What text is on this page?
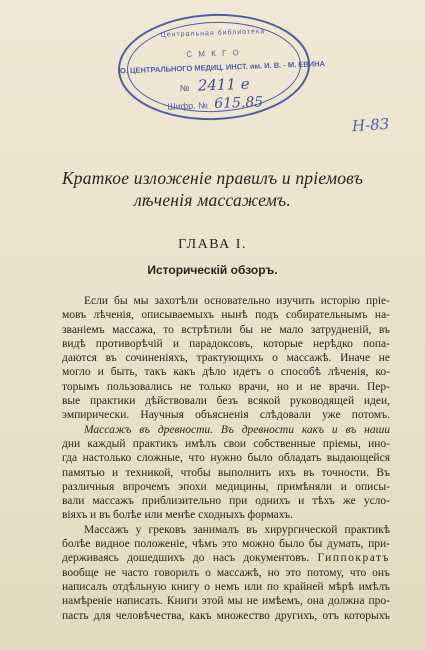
Центральная библиотека
С М К Г О
О. ЦЕНТРАЛЬНОГО МЕДИЦ. ИНСТ. им. И. В. - М. ЕВИНА
№ 2411 е
Шифр. № 615.85
Н-83
Краткое изложенiе правилъ и прiемовъ
лѣченiя массажемъ.
ГЛАВА I.
Историческiй обзоръ.

Если бы мы захотѣли основательно изучить исторiю прiе-
мовъ лѣченiя, описываемыхъ нынѣ подъ собирательнымъ на-
званiемъ массажа, то встрѣтили бы не мало затрудненiй, въ
видѣ противорѣчiй и парадоксовъ, которые нерѣдко попа-
даются въ сочиненiяхъ, трактующихъ о массажѣ. Иначе не
могло и быть, такъ какъ дѣло идетъ о способѣ лѣченiя, ко-
торымъ пользовались не только врачи, но и не врачи. Пер-
вые практики дѣйствовали безъ всякой руководящей идеи,
эмпирически. Научныя объясненiя слѣдовали уже потомъ.

Массажъ въ древности. Въ древности какъ и въ наши
дни каждый практикъ имѣлъ свои собственные прiемы, ино-
гда настолько сложные, что нужно было обладать выдающейся
памятью и техникой, чтобы выполнить ихъ въ точности. Въ
различныя впрочемъ эпохи медицины, примѣняли и описы-
вали массажъ приблизительно при однихъ и тѣхъ же усло-
вiяхъ и въ болѣе или менѣе сходныхъ формахъ.

Массажъ у грековъ занималъ въ хирургической практикѣ
болѣе видное положенiе, чѣмъ это можно было бы думать, при-
держиваясь дошедшихъ до насъ документовъ. Гиппократъ
вообще не часто говорилъ о массажѣ, но это потому, что онъ
написалъ отдѣльную книгу о немъ или по крайней мѣрѣ имѣлъ
намѣренiе написать. Книги этой мы не имѣемъ, она должна про-
пасть для человѣчества, какъ множество другихъ, отъ которыхъ
